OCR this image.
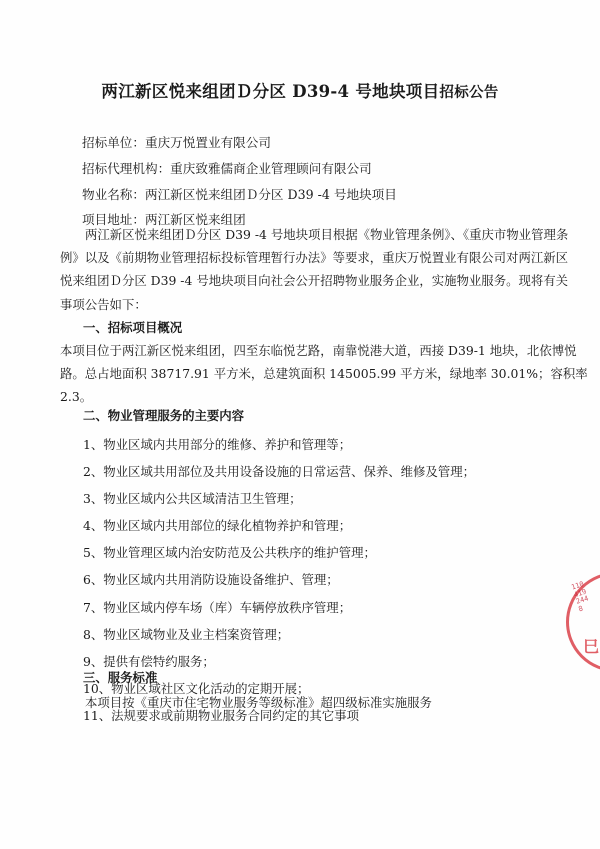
两江新区悦来组团Ｄ分区 D39-4 号地块项目招标公告
招标单位：重庆万悦置业有限公司
招标代理机构：重庆致雅儒商企业管理顾问有限公司
物业名称：两江新区悦来组团Ｄ分区 D39 -4 号地块项目
项目地址：两江新区悦来组团
两江新区悦来组团Ｄ分区 D39 -4 号地块项目根据《物业管理条例》、《重庆市物业管理条
例》以及《前期物业管理招标投标管理暂行办法》等要求，重庆万悦置业有限公司对两江新区
悦来组团Ｄ分区 D39 -4 号地块项目向社会公开招聘物业服务企业，实施物业服务。现将有关
事项公告如下：
一、招标项目概况
本项目位于两江新区悦来组团，四至东临悦艺路，南靠悦港大道，西接 D39-1 地块，北依博悦
路。总占地面积 38717.91 平方米，总建筑面积 145005.99 平方米，绿地率 30.01%；容积率
2.3。
二、物业管理服务的主要内容
1、物业区域内共用部分的维修、养护和管理等；
2、物业区域共用部位及共用设备设施的日常运营、保养、维修及管理；
3、物业区域内公共区域清洁卫生管理；
4、物业区域内共用部位的绿化植物养护和管理；
5、物业管理区域内治安防范及公共秩序的维护管理；
6、物业区域内共用消防设施设备维护、管理；
7、物业区域内停车场（库）车辆停放秩序管理；
8、物业区域物业及业主档案资管理；
9、提供有偿特约服务；
10、物业区域社区文化活动的定期开展；
11、法规要求或前期物业服务合同约定的其它事项
三、服务标准
本项目按《重庆市住宅物业服务等级标准》超四级标准实施服务
1104192448
巳
